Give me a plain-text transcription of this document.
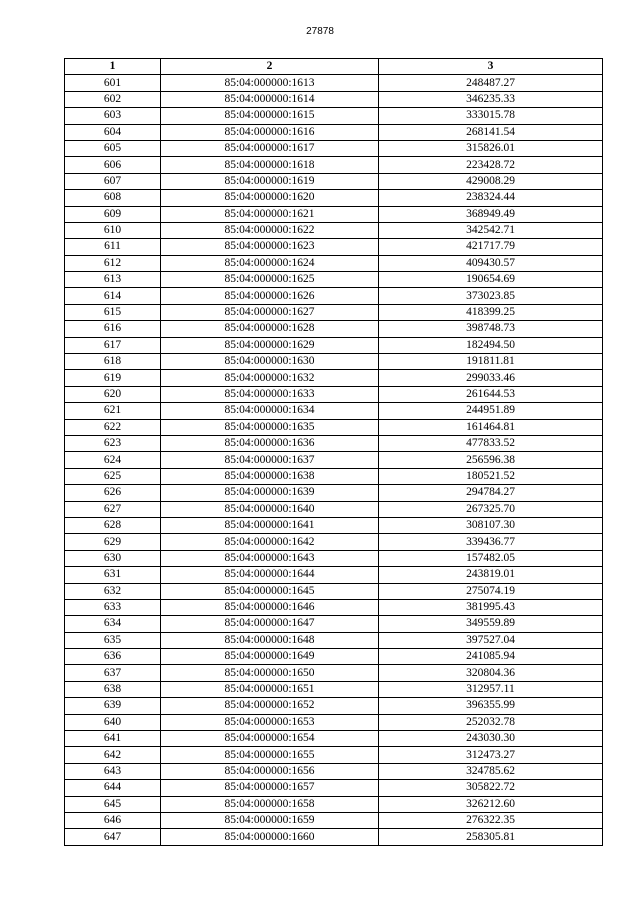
27878
1	2	3
601	85:04:000000:1613	248487.27
602	85:04:000000:1614	346235.33
603	85:04:000000:1615	333015.78
604	85:04:000000:1616	268141.54
605	85:04:000000:1617	315826.01
606	85:04:000000:1618	223428.72
607	85:04:000000:1619	429008.29
608	85:04:000000:1620	238324.44
609	85:04:000000:1621	368949.49
610	85:04:000000:1622	342542.71
611	85:04:000000:1623	421717.79
612	85:04:000000:1624	409430.57
613	85:04:000000:1625	190654.69
614	85:04:000000:1626	373023.85
615	85:04:000000:1627	418399.25
616	85:04:000000:1628	398748.73
617	85:04:000000:1629	182494.50
618	85:04:000000:1630	191811.81
619	85:04:000000:1632	299033.46
620	85:04:000000:1633	261644.53
621	85:04:000000:1634	244951.89
622	85:04:000000:1635	161464.81
623	85:04:000000:1636	477833.52
624	85:04:000000:1637	256596.38
625	85:04:000000:1638	180521.52
626	85:04:000000:1639	294784.27
627	85:04:000000:1640	267325.70
628	85:04:000000:1641	308107.30
629	85:04:000000:1642	339436.77
630	85:04:000000:1643	157482.05
631	85:04:000000:1644	243819.01
632	85:04:000000:1645	275074.19
633	85:04:000000:1646	381995.43
634	85:04:000000:1647	349559.89
635	85:04:000000:1648	397527.04
636	85:04:000000:1649	241085.94
637	85:04:000000:1650	320804.36
638	85:04:000000:1651	312957.11
639	85:04:000000:1652	396355.99
640	85:04:000000:1653	252032.78
641	85:04:000000:1654	243030.30
642	85:04:000000:1655	312473.27
643	85:04:000000:1656	324785.62
644	85:04:000000:1657	305822.72
645	85:04:000000:1658	326212.60
646	85:04:000000:1659	276322.35
647	85:04:000000:1660	258305.81
